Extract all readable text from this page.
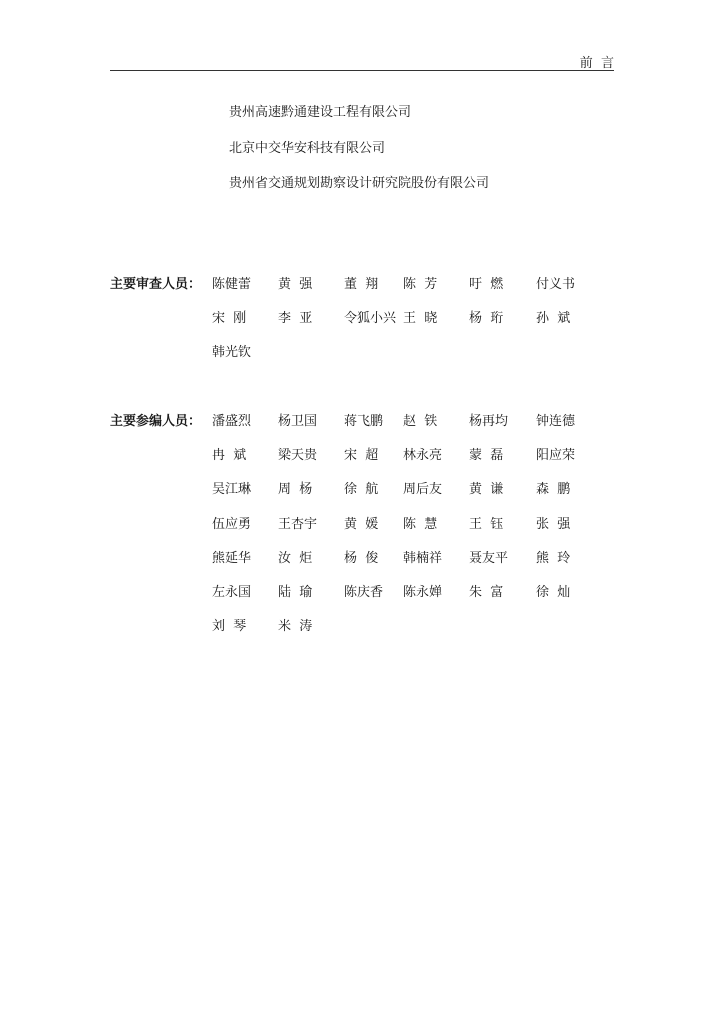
前  言
贵州高速黔通建设工程有限公司
北京中交华安科技有限公司
贵州省交通规划勘察设计研究院股份有限公司
主要审查人员： 陈健蕾 黄  强 董  翔 陈  芳 吁  燃	付义书
宋  刚 李  亚 令狐小兴 王  晓 杨  珩	孙  斌
韩光钦
主要参编人员： 潘盛烈 杨卫国 蒋飞鹏 赵  铁 杨再均 钟连德
冉  斌 梁天贵 宋  超 林永亮 蒙  磊	阳应荣
吴江琳 周  杨 徐  航 周后友 黄  谦	森  鹏
伍应勇 王杏宇 黄  媛 陈  慧 王  钰	张  强
熊延华 汝  炬 杨  俊 韩楠祥 聂友平 熊  玲
左永国 陆  瑜 陈庆香 陈永婵 朱  富	徐  灿
刘  琴 米  涛
